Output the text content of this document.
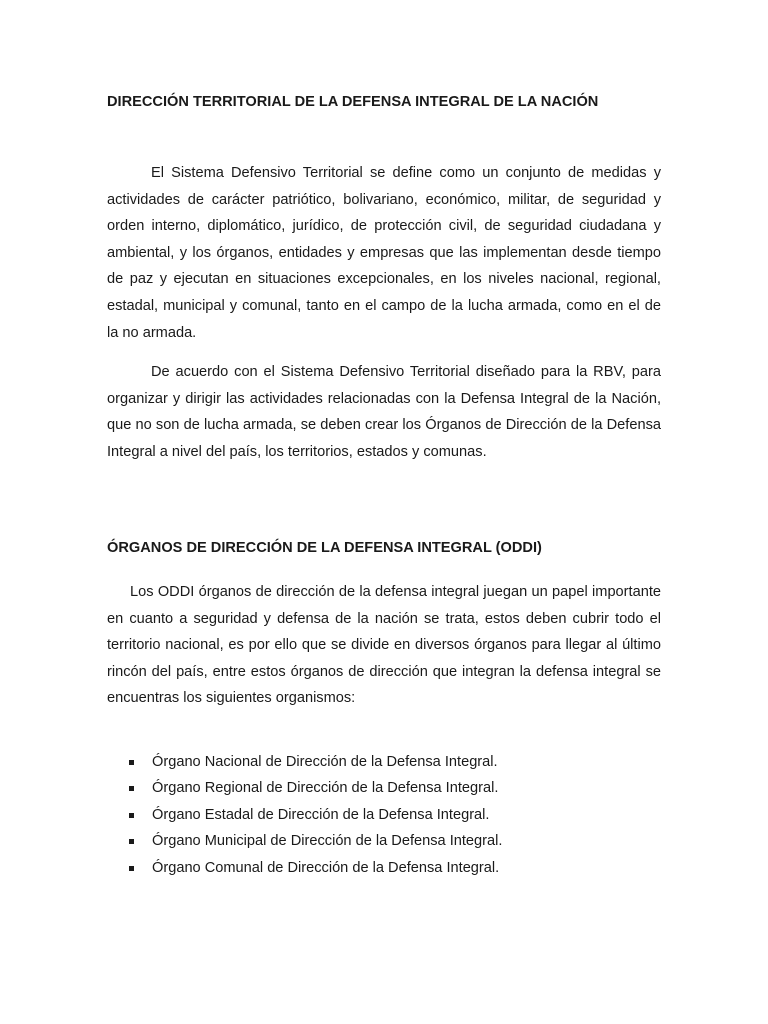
DIRECCIÓN TERRITORIAL DE LA DEFENSA INTEGRAL DE LA NACIÓN

El Sistema Defensivo Territorial se define como un conjunto de medidas y actividades de carácter patriótico, bolivariano, económico, militar, de seguridad y orden interno, diplomático, jurídico, de protección civil, de seguridad ciudadana y ambiental, y los órganos, entidades y empresas que las implementan desde tiempo de paz y ejecutan en situaciones excepcionales, en los niveles nacional, regional, estadal, municipal y comunal, tanto en el campo de la lucha armada, como en el de la no armada.

De acuerdo con el Sistema Defensivo Territorial diseñado para la RBV, para organizar y dirigir las actividades relacionadas con la Defensa Integral de la Nación, que no son de lucha armada, se deben crear los Órganos de Dirección de la Defensa Integral a nivel del país, los territorios, estados y comunas.

ÓRGANOS DE DIRECCIÓN DE LA DEFENSA INTEGRAL (ODDI)

Los ODDI órganos de dirección de la defensa integral juegan un papel importante en cuanto a seguridad y defensa de la nación se trata, estos deben cubrir todo el territorio nacional, es por ello que se divide en diversos órganos para llegar al último rincón del país, entre estos órganos de dirección que integran la defensa integral se encuentras los siguientes organismos:

Órgano Nacional de Dirección de la Defensa Integral.
Órgano Regional de Dirección de la Defensa Integral.
Órgano Estadal de Dirección de la Defensa Integral.
Órgano Municipal de Dirección de la Defensa Integral.
Órgano Comunal de Dirección de la Defensa Integral.
